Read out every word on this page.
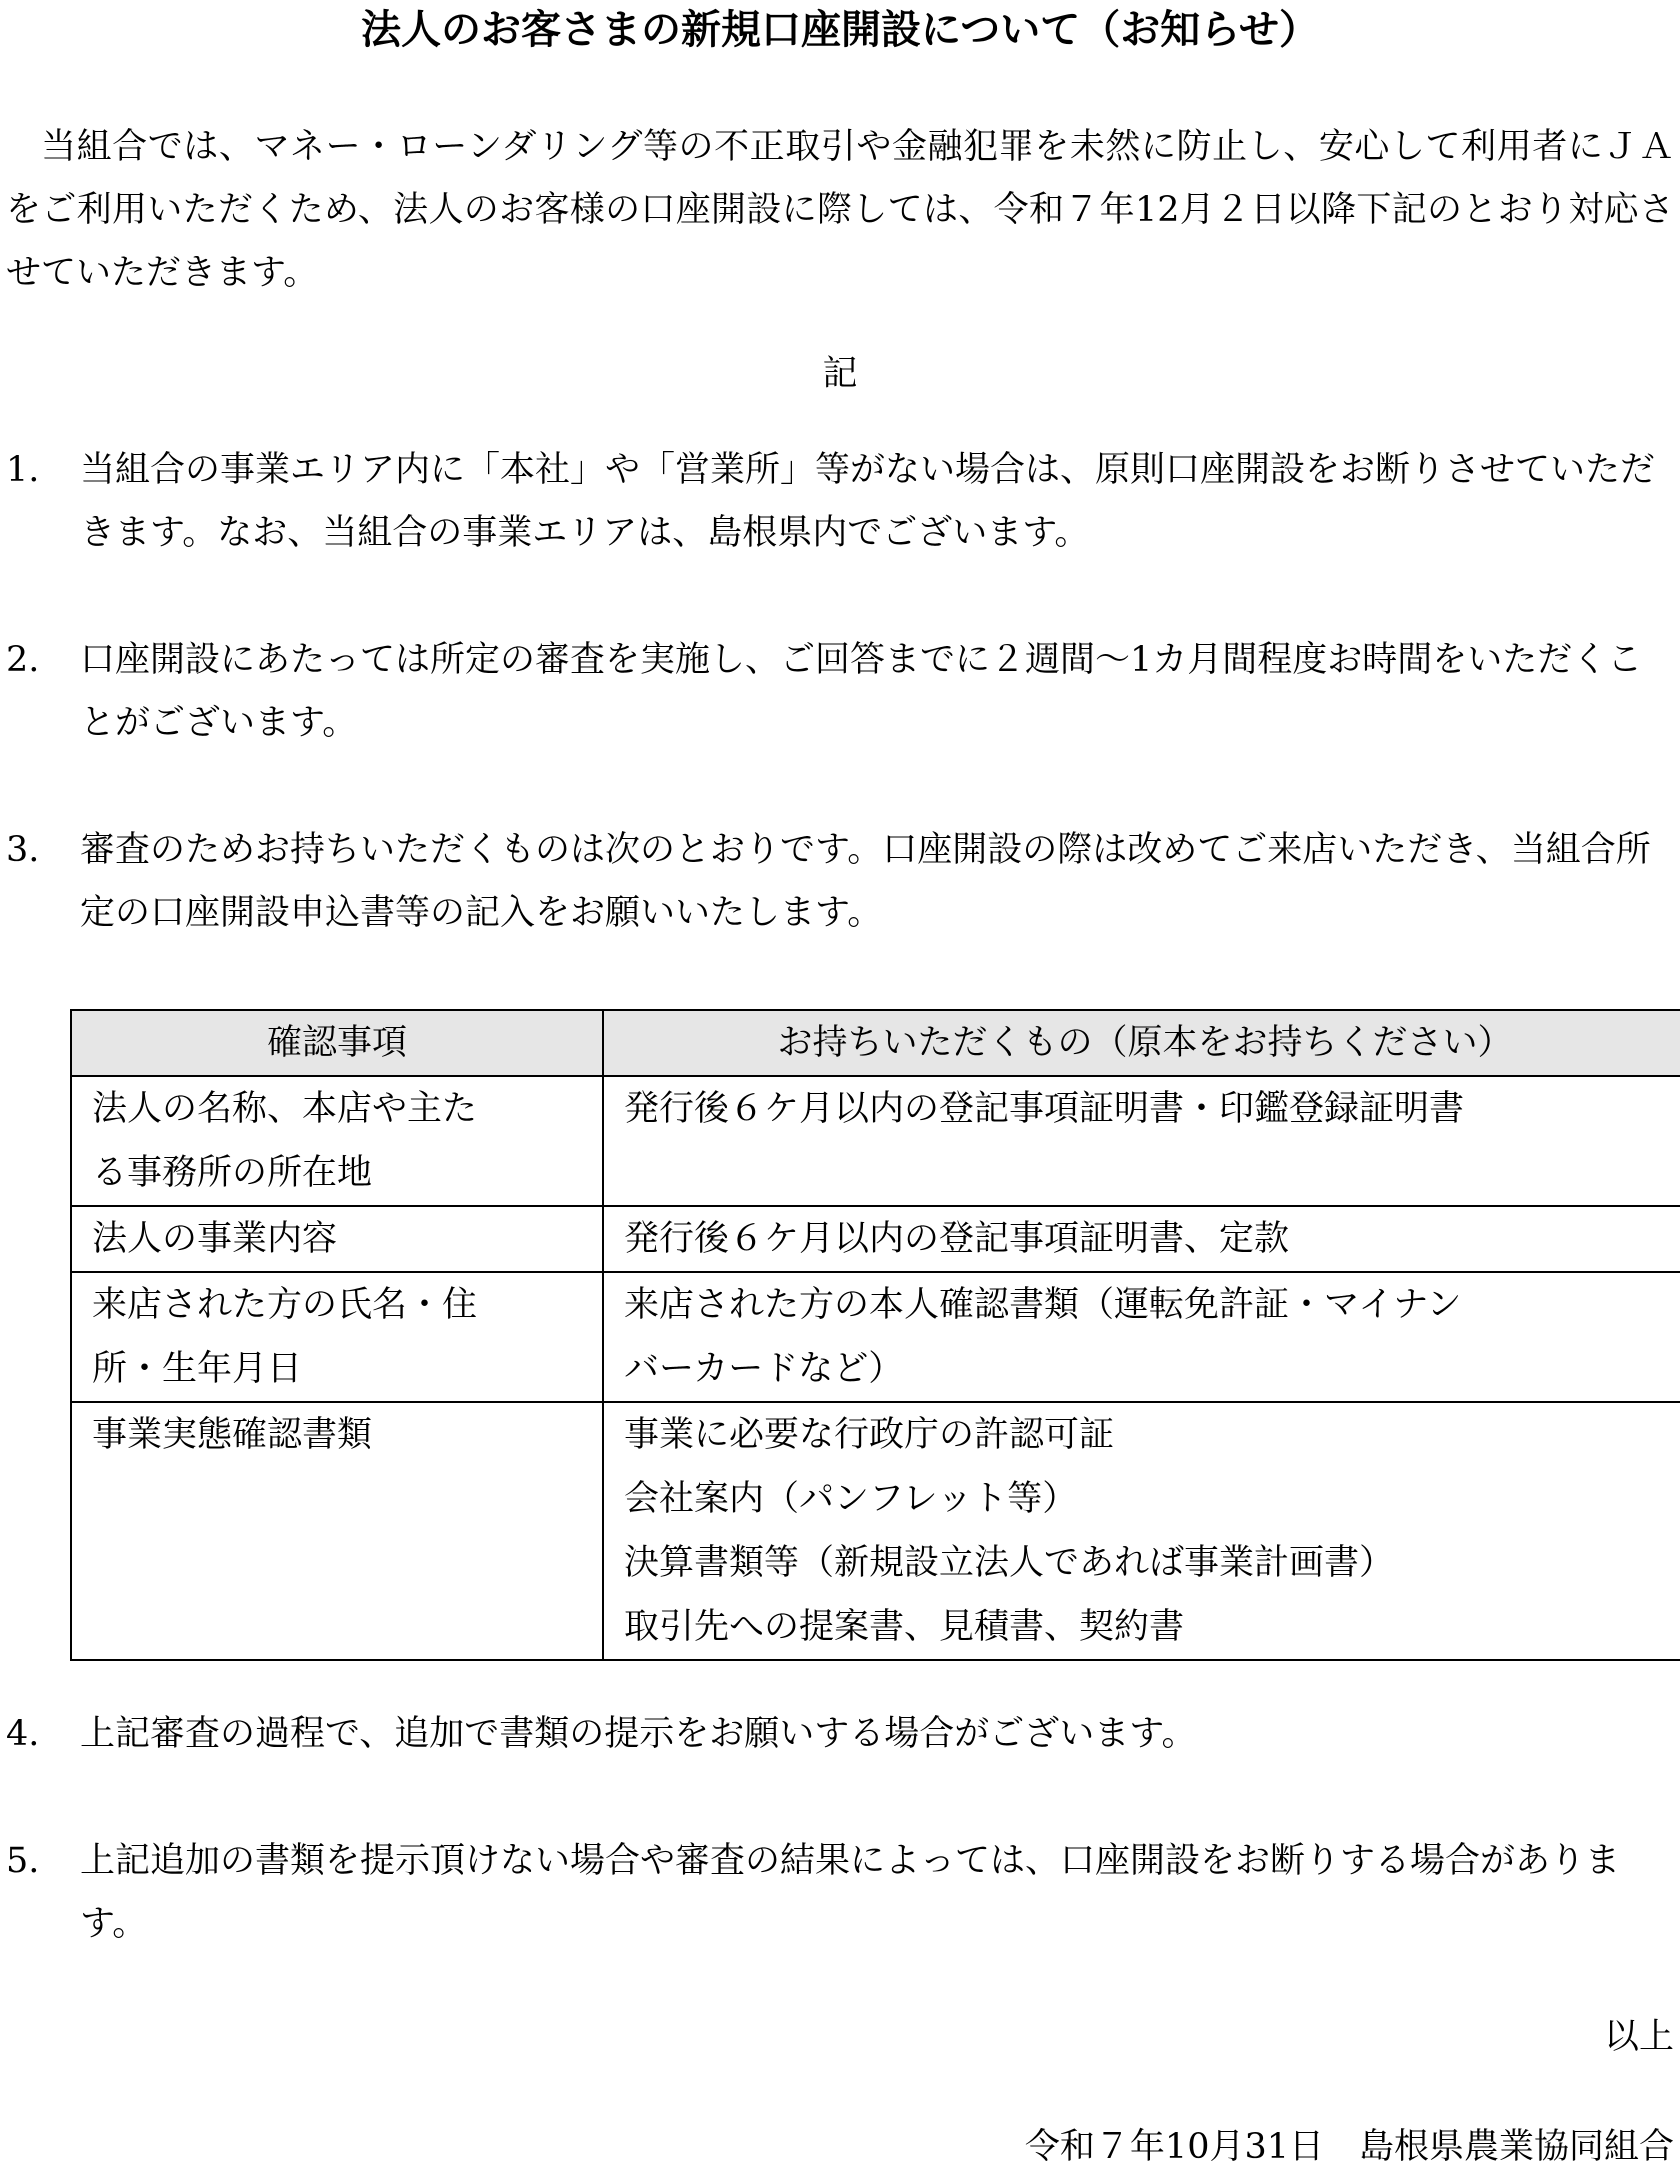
法人のお客さまの新規口座開設について（お知らせ）

当組合では、マネー・ローンダリング等の不正取引や金融犯罪を未然に防止し、安心して利用者にＪＡをご利用いただくため、法人のお客様の口座開設に際しては、令和７年12月２日以降下記のとおり対応させていただきます。

記

1.	当組合の事業エリア内に「本社」や「営業所」等がない場合は、原則口座開設をお断りさせていただきます。なお、当組合の事業エリアは、島根県内でございます。
2.	口座開設にあたっては所定の審査を実施し、ご回答までに２週間～1カ月間程度お時間をいただくことがございます。
3.	審査のためお持ちいただくものは次のとおりです。口座開設の際は改めてご来店いただき、当組合所定の口座開設申込書等の記入をお願いいたします。
確認事項	お持ちいただくもの（原本をお持ちください）

法人の名称、本店や主た
る事務所の所在地	発行後６ケ月以内の登記事項証明書・印鑑登録証明書

法人の事業内容	発行後６ケ月以内の登記事項証明書、定款

来店された方の氏名・住
所・生年月日	来店された方の本人確認書類（運転免許証・マイナン
バーカードなど）

事業実態確認書類	事業に必要な行政庁の許認可証
会社案内（パンフレット等）
決算書類等（新規設立法人であれば事業計画書）
取引先への提案書、見積書、契約書
4.	上記審査の過程で、追加で書類の提示をお願いする場合がございます。
5.	上記追加の書類を提示頂けない場合や審査の結果によっては、口座開設をお断りする場合があります。

以上

令和７年10月31日　島根県農業協同組合
